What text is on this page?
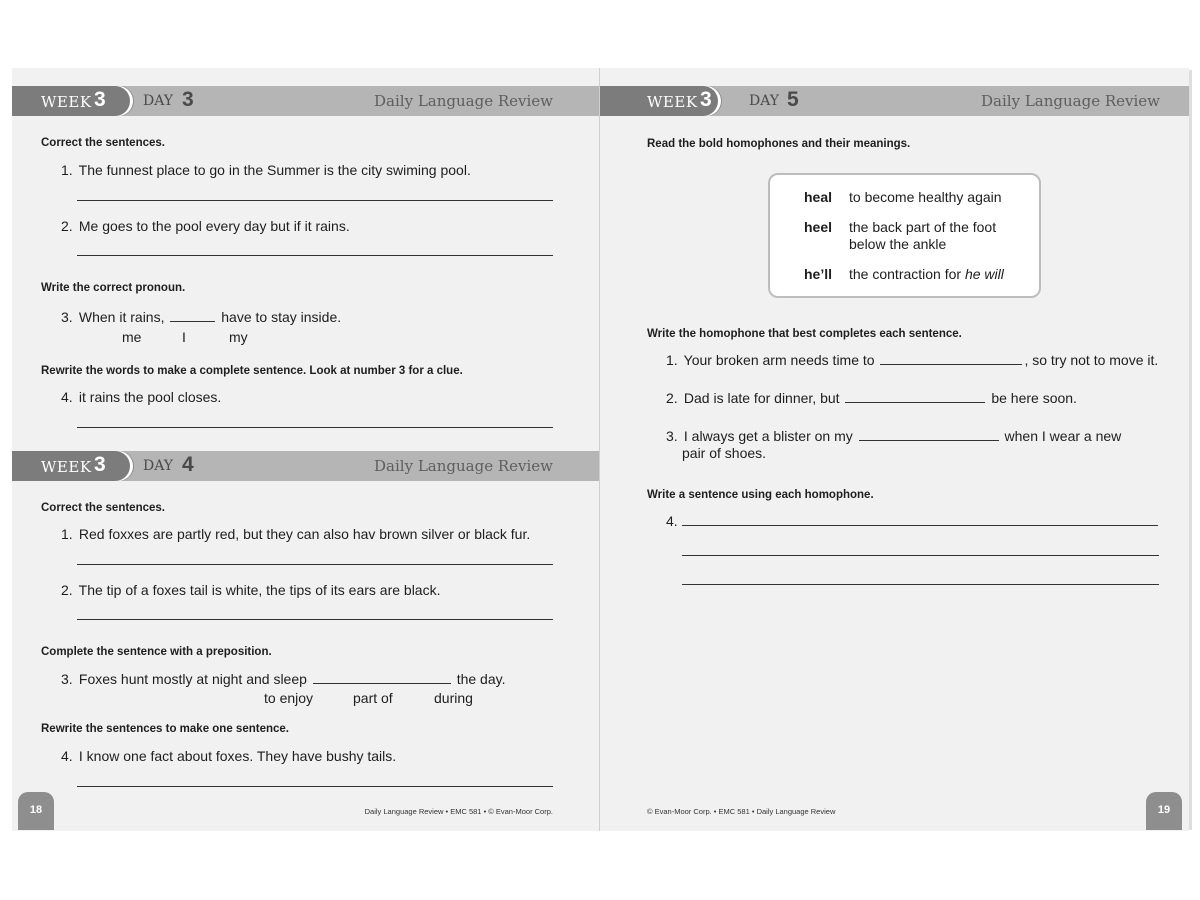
WEEK 3	DAY 3	Daily Language Review
Correct the sentences.
1. The funnest place to go in the Summer is the city swiming pool.
2. Me goes to the pool every day but if it rains.
Write the correct pronoun.
3. When it rains,	have to stay inside.
me	I	my
Rewrite the words to make a complete sentence. Look at number 3 for a clue.
4. it rains the pool closes.
WEEK 3	DAY 4	Daily Language Review
Correct the sentences.
1. Red foxxes are partly red, but they can also hav brown silver or black fur.
2. The tip of a foxes tail is white, the tips of its ears are black.
Complete the sentence with a preposition.
3. Foxes hunt mostly at night and sleep	the day.
to enjoy	part of	during
Rewrite the sentences to make one sentence.
4. I know one fact about foxes. They have bushy tails.
18	Daily Language Review • EMC 581 • © Evan-Moor Corp.
WEEK 3	DAY 5	Daily Language Review
Read the bold homophones and their meanings.
heal to become healthy again
heel the back part of the foot
below the ankle
he’ll the contraction for he will
Write the homophone that best completes each sentence.
1. Your broken arm needs time to	, so try not to move it.
2. Dad is late for dinner, but	be here soon.
3. I always get a blister on my	when I wear a new
pair of shoes.
Write a sentence using each homophone.
4.
© Evan-Moor Corp. • EMC 581 • Daily Language Review	19
